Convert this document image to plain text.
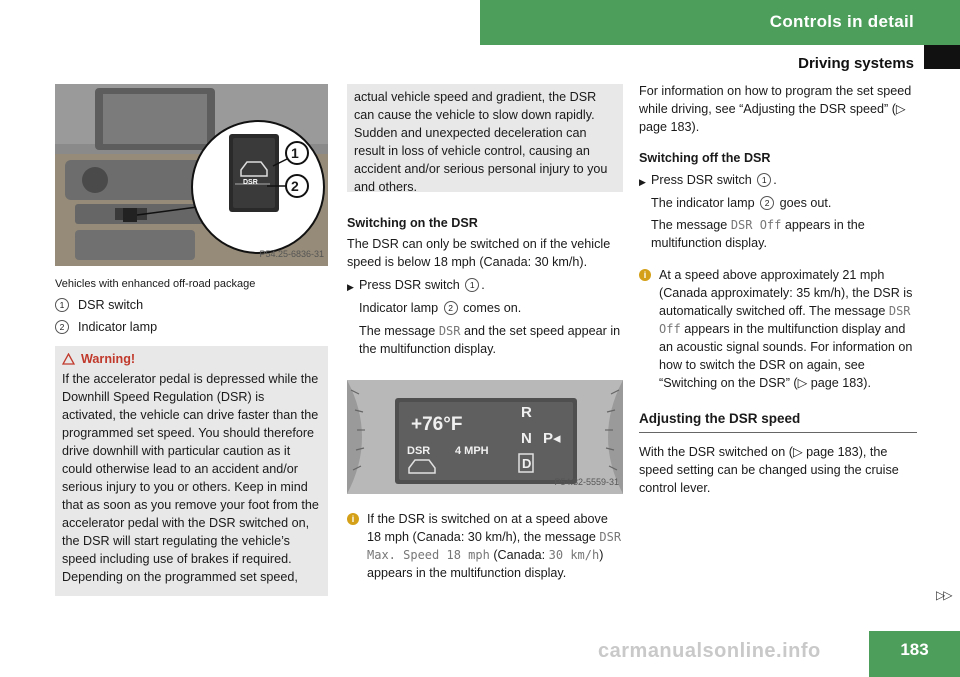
Controls in detail
Driving systems
DSR
1
2
P54.25-6836-31

Vehicles with enhanced off-road package

1	DSR switch
2	Indicator lamp
Warning!

If the accelerator pedal is depressed while the Downhill Speed Regulation (DSR) is activated, the vehicle can drive faster than the programmed set speed. You should therefore drive downhill with particular caution as it could otherwise lead to an accident and/or serious injury to you or others. Keep in mind that as soon as you remove your foot from the accelerator pedal with the DSR switched on, the DSR will start regulating the vehicle’s speed including use of brakes if required. Depending on the programmed set speed,

actual vehicle speed and gradient, the DSR can cause the vehicle to slow down rapidly. Sudden and unexpected deceleration can result in loss of vehicle control, causing an accident and/or serious personal injury to you and others.

Switching on the DSR

The DSR can only be switched on if the vehicle speed is below 18 mph (Canada: 30 km/h).

▶ Press DSR switch 1 .

Indicator lamp 2 comes on.

The message DSR and the set speed appear in the multifunction display.

+76°F
DSR 4 MPH
R
N P◂
D
P54.32-5559-31
i	If the DSR is switched on at a speed above 18 mph (Canada: 30 km/h), the message DSR Max. Speed 18 mph (Canada: 30 km/h) appears in the multifunction display.

For information on how to program the set speed while driving, see “Adjusting the DSR speed” (▷ page 183).

Switching off the DSR

▶ Press DSR switch 1 .

The indicator lamp 2 goes out.

The message DSR Off appears in the multifunction display.

i	At a speed above approximately 21 mph (Canada approximately: 35 km/h), the DSR is automatically switched off. The message DSR Off appears in the multifunction display and an acoustic signal sounds. For information on how to switch the DSR on again, see “Switching on the DSR” (▷ page 183).

Adjusting the DSR speed

With the DSR switched on (▷ page 183), the speed setting can be changed using the cruise control lever.

▷▷
carmanualsonline.info	183
